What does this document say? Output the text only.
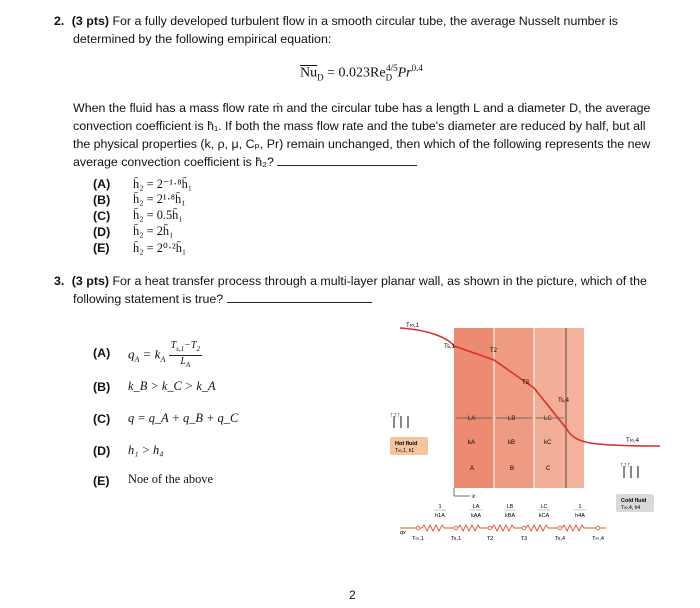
2. (3 pts) For a fully developed turbulent flow in a smooth circular tube, the average Nusselt number is
determined by the following empirical equation:
$\overline{Nu}_D = 0.023Re_D^{4/5}Pr^{0.4}$
When the fluid has a mass flow rate ṁ and the circular tube has a length L and a diameter D, the average
convection coefficient is h̄₁. If both the mass flow rate and the tube's diameter are reduced by half, but all
the physical properties (k, ρ, μ, Cₚ, Pr) remain unchanged, then which of the following represents the new
average convection coefficient is h̄₂?
(A) h̄₂ = 2⁻¹·⁸h̄₁
(B) h̄₂ = 2¹·⁸h̄₁
(C) h̄₂ = 0.5h̄₁
(D) h̄₂ = 2h̄₁
(E) h̄₂ = 2⁰·²h̄₁
3. (3 pts) For a heat transfer process through a multi-layer planar wall, as shown in the picture, which of the
following statement is true?
(A) $q_A = k_A \frac{T_{s,1}-T_2}{L_A}$
(B) k_B > k_C > k_A
(C) q = q_A + q_B + q_C
(D) h₁ > h₄
(E) Noe of the above
T∞,1
Ts,1
T2
T3
Ts,4
T∞,4
LA	LB	LC
kA	kB	kC
A	B	C
x
↑↑↑
Hot fluid
T∞,1, h1
↑↑↑
Cold fluid
T∞,4, h4
1
h1A
LA
kAA
LB
kBA
LC
kCA
1
h4A
qx
T∞,1	Ts,1	T2	T3	Ts,4	T∞,4
2
